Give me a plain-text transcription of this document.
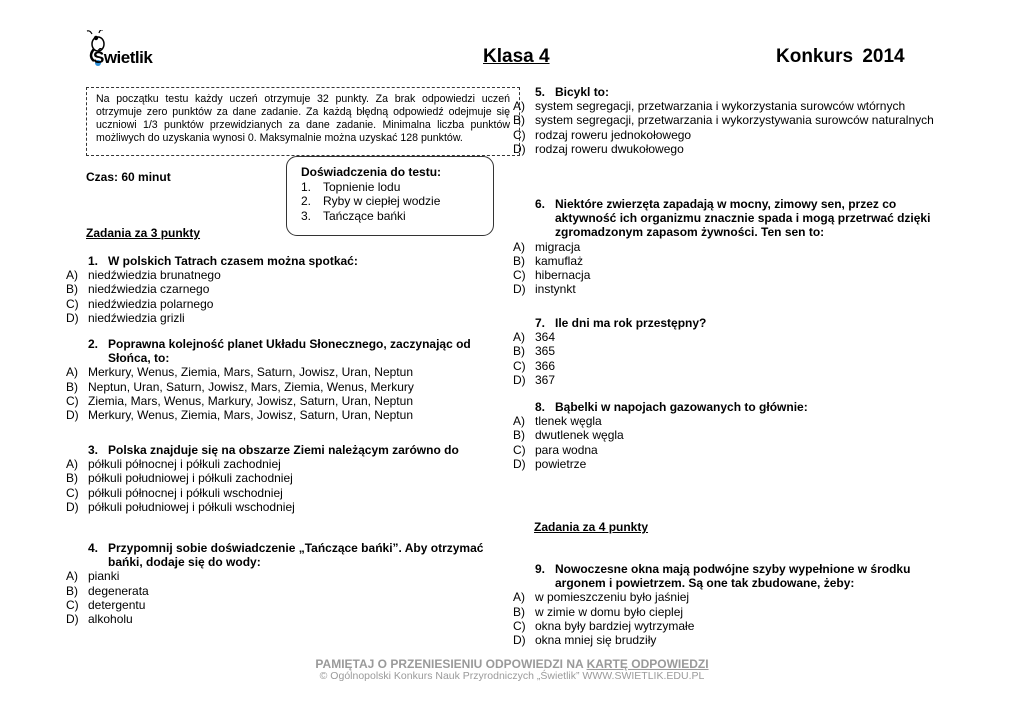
Świetlik	Klasa 4	Konkurs 2014
Na początku testu każdy uczeń otrzymuje 32 punkty. Za brak odpowiedzi uczeń otrzymuje zero punktów za dane zadanie. Za każdą błędną odpowiedź odejmuje się uczniowi 1/3 punktów przewidzianych za dane zadanie. Minimalna liczba punktów możliwych do uzyskania wynosi 0. Maksymalnie można uzyskać 128 punktów.
Doświadczenia do testu:
1. Topnienie lodu
2. Ryby w ciepłej wodzie
3. Tańczące bańki
Czas: 60 minut
Zadania za 3 punkty
1. W polskich Tatrach czasem można spotkać:
A) niedźwiedzia brunatnego
B) niedźwiedzia czarnego
C) niedźwiedzia polarnego
D) niedźwiedzia grizli
2. Poprawna kolejność planet Układu Słonecznego, zaczynając od Słońca, to:
A) Merkury, Wenus, Ziemia, Mars, Saturn, Jowisz, Uran, Neptun
B) Neptun, Uran, Saturn, Jowisz, Mars, Ziemia, Wenus, Merkury
C) Ziemia, Mars, Wenus, Markury, Jowisz, Saturn, Uran, Neptun
D) Merkury, Wenus, Ziemia, Mars, Jowisz, Saturn, Uran, Neptun
3. Polska znajduje się na obszarze Ziemi należącym zarówno do
A) półkuli północnej i półkuli zachodniej
B) półkuli południowej i półkuli zachodniej
C) półkuli północnej i półkuli wschodniej
D) półkuli południowej i półkuli wschodniej
4. Przypomnij sobie doświadczenie „Tańczące bańki”. Aby otrzymać bańki, dodaje się do wody:
A) pianki
B) degenerata
C) detergentu
D) alkoholu
5. Bicykl to:
A) system segregacji, przetwarzania i wykorzystania surowców wtórnych
B) system segregacji, przetwarzania i wykorzystywania surowców naturalnych
C) rodzaj roweru jednokołowego
D) rodzaj roweru dwukołowego
6. Niektóre zwierzęta zapadają w mocny, zimowy sen, przez co aktywność ich organizmu znacznie spada i mogą przetrwać dzięki zgromadzonym zapasom żywności. Ten sen to:
A) migracja
B) kamuflaż
C) hibernacja
D) instynkt
7. Ile dni ma rok przestępny?
A) 364
B) 365
C) 366
D) 367
8. Bąbelki w napojach gazowanych to głównie:
A) tlenek węgla
B) dwutlenek węgla
C) para wodna
D) powietrze
Zadania za 4 punkty
9. Nowoczesne okna mają podwójne szyby wypełnione w środku argonem i powietrzem. Są one tak zbudowane, żeby:
A) w pomieszczeniu było jaśniej
B) w zimie w domu było cieplej
C) okna były bardziej wytrzymałe
D) okna mniej się brudziły
PAMIĘTAJ O PRZENIESIENIU ODPOWIEDZI NA KARTĘ ODPOWIEDZI
© Ogólnopolski Konkurs Nauk Przyrodniczych „Świetlik” WWW.SWIETLIK.EDU.PL
